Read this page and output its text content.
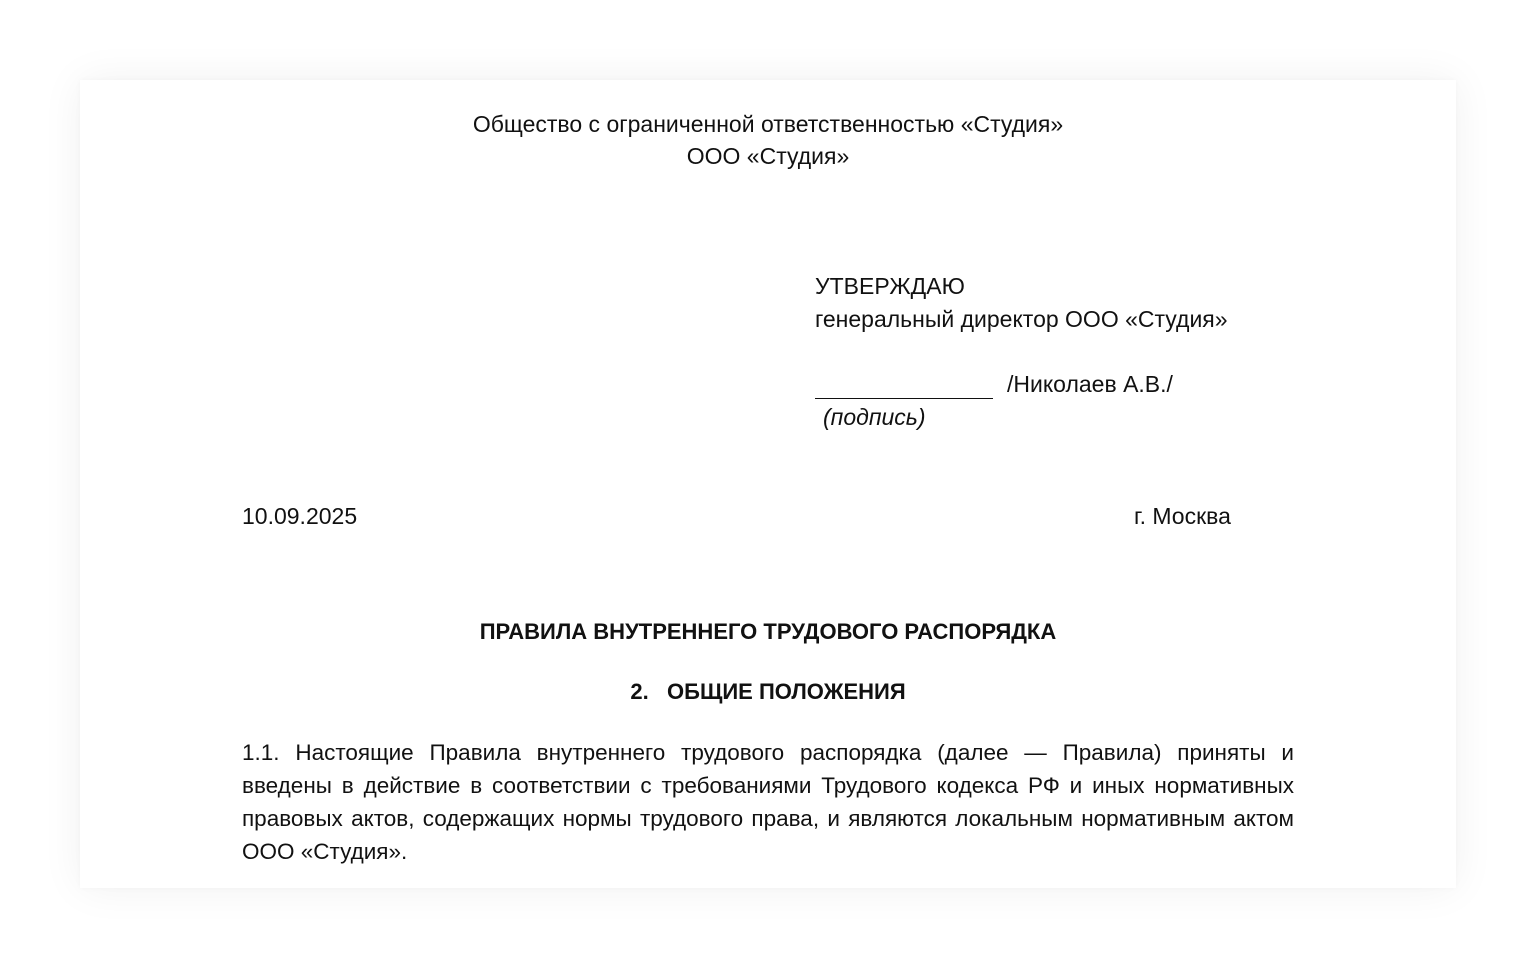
Общество с ограниченной ответственностью «Студия»
ООО «Студия»
УТВЕРЖДАЮ
генеральный директор ООО «Студия»
/Николаев А.В./
(подпись)
10.09.2025	г. Москва
ПРАВИЛА ВНУТРЕННЕГО ТРУДОВОГО РАСПОРЯДКА
2.   ОБЩИЕ ПОЛОЖЕНИЯ
1.1. Настоящие Правила внутреннего трудового распорядка (далее — Правила) приняты и введены в действие в соответствии с требованиями Трудового кодекса РФ и иных нормативных правовых актов, содержащих нормы трудового права, и являются локальным нормативным актом ООО «Студия».
